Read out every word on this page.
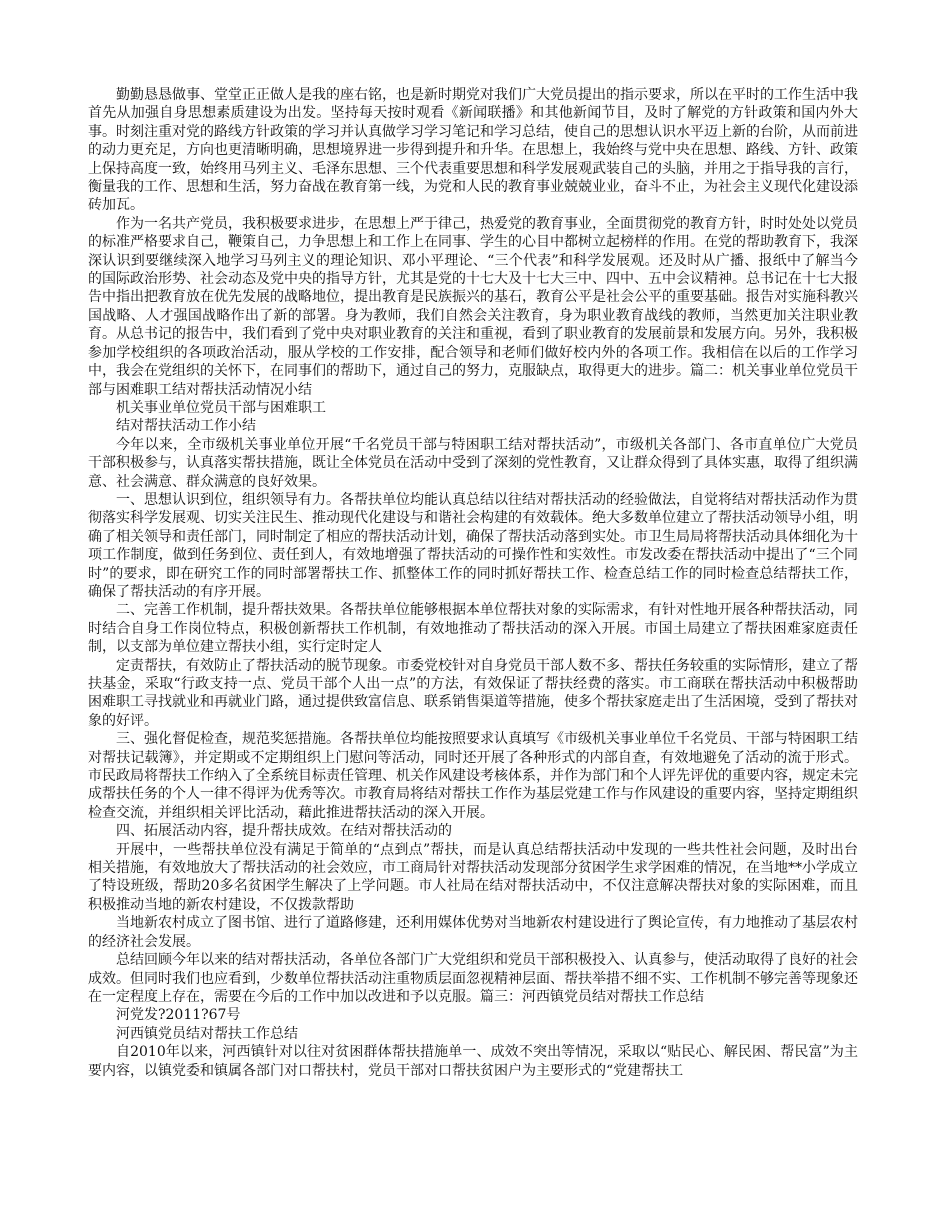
勤勤恳恳做事、堂堂正正做人是我的座右铭，也是新时期党对我们广大党员提出的指示要求，所以在平时的工作生活中我首先从加强自身思想素质建设为出发。坚持每天按时观看《新闻联播》和其他新闻节目，及时了解党的方针政策和国内外大事。时刻注重对党的路线方针政策的学习并认真做学习学习笔记和学习总结，使自己的思想认识水平迈上新的台阶，从而前进的动力更充足，方向也更清晰明确，思想境界进一步得到提升和升华。在思想上，我始终与党中央在思想、路线、方针、政策上保持高度一致，始终用马列主义、毛泽东思想、三个代表重要思想和科学发展观武装自己的头脑，并用之于指导我的言行，衡量我的工作、思想和生活，努力奋战在教育第一线，为党和人民的教育事业兢兢业业，奋斗不止，为社会主义现代化建设添砖加瓦。

作为一名共产党员，我积极要求进步，在思想上严于律己，热爱党的教育事业，全面贯彻党的教育方针，时时处处以党员的标准严格要求自己，鞭策自己，力争思想上和工作上在同事、学生的心目中都树立起榜样的作用。在党的帮助教育下，我深深认识到要继续深入地学习马列主义的理论知识、邓小平理论、“三个代表”和科学发展观。还及时从广播、报纸中了解当今的国际政治形势、社会动态及党中央的指导方针，尤其是党的十七大及十七大三中、四中、五中会议精神。总书记在十七大报告中指出把教育放在优先发展的战略地位，提出教育是民族振兴的基石，教育公平是社会公平的重要基础。报告对实施科教兴国战略、人才强国战略作出了新的部署。身为教师，我们自然会关注教育，身为职业教育战线的教师，当然更加关注职业教育。从总书记的报告中，我们看到了党中央对职业教育的关注和重视，看到了职业教育的发展前景和发展方向。另外，我积极参加学校组织的各项政治活动，服从学校的工作安排，配合领导和老师们做好校内外的各项工作。我相信在以后的工作学习中，我会在党组织的关怀下，在同事们的帮助下，通过自己的努力，克服缺点，取得更大的进步。篇二：机关事业单位党员干部与困难职工结对帮扶活动情况小结

机关事业单位党员干部与困难职工

结对帮扶活动工作小结

今年以来，全市级机关事业单位开展“千名党员干部与特困职工结对帮扶活动”，市级机关各部门、各市直单位广大党员干部积极参与，认真落实帮扶措施，既让全体党员在活动中受到了深刻的党性教育，又让群众得到了具体实惠，取得了组织满意、社会满意、群众满意的良好效果。

一、思想认识到位，组织领导有力。各帮扶单位均能认真总结以往结对帮扶活动的经验做法，自觉将结对帮扶活动作为贯彻落实科学发展观、切实关注民生、推动现代化建设与和谐社会构建的有效载体。绝大多数单位建立了帮扶活动领导小组，明确了相关领导和责任部门，同时制定了相应的帮扶活动计划，确保了帮扶活动落到实处。市卫生局局将帮扶活动具体细化为十项工作制度，做到任务到位、责任到人，有效地增强了帮扶活动的可操作性和实效性。市发改委在帮扶活动中提出了“三个同时”的要求，即在研究工作的同时部署帮扶工作、抓整体工作的同时抓好帮扶工作、检查总结工作的同时检查总结帮扶工作，确保了帮扶活动的有序开展。

二、完善工作机制，提升帮扶效果。各帮扶单位能够根据本单位帮扶对象的实际需求，有针对性地开展各种帮扶活动，同时结合自身工作岗位特点，积极创新帮扶工作机制，有效地推动了帮扶活动的深入开展。市国土局建立了帮扶困难家庭责任制，以支部为单位建立帮扶小组，实行定时定人

定责帮扶，有效防止了帮扶活动的脱节现象。市委党校针对自身党员干部人数不多、帮扶任务较重的实际情形，建立了帮扶基金，采取“行政支持一点、党员干部个人出一点”的方法，有效保证了帮扶经费的落实。市工商联在帮扶活动中积极帮助困难职工寻找就业和再就业门路，通过提供致富信息、联系销售渠道等措施，使多个帮扶家庭走出了生活困境，受到了帮扶对象的好评。

三、强化督促检查，规范奖惩措施。各帮扶单位均能按照要求认真填写《市级机关事业单位千名党员、干部与特困职工结对帮扶记载簿》，并定期或不定期组织上门慰问等活动，同时还开展了各种形式的内部自查，有效地避免了活动的流于形式。市民政局将帮扶工作纳入了全系统目标责任管理、机关作风建设考核体系，并作为部门和个人评先评优的重要内容，规定未完成帮扶任务的个人一律不得评为优秀等次。市教育局将结对帮扶工作作为基层党建工作与作风建设的重要内容，坚持定期组织检查交流，并组织相关评比活动，藉此推进帮扶活动的深入开展。

四、拓展活动内容，提升帮扶成效。在结对帮扶活动的

开展中，一些帮扶单位没有满足于简单的“点到点”帮扶，而是认真总结帮扶活动中发现的一些共性社会问题，及时出台相关措施，有效地放大了帮扶活动的社会效应，市工商局针对帮扶活动发现部分贫困学生求学困难的情况，在当地**小学成立了特设班级，帮助20多名贫困学生解决了上学问题。市人社局在结对帮扶活动中，不仅注意解决帮扶对象的实际困难，而且积极推动当地的新农村建设，不仅拨款帮助

当地新农村成立了图书馆、进行了道路修建，还利用媒体优势对当地新农村建设进行了舆论宣传，有力地推动了基层农村的经济社会发展。

总结回顾今年以来的结对帮扶活动，各单位各部门广大党组织和党员干部积极投入、认真参与，使活动取得了良好的社会成效。但同时我们也应看到，少数单位帮扶活动注重物质层面忽视精神层面、帮扶举措不细不实、工作机制不够完善等现象还在一定程度上存在，需要在今后的工作中加以改进和予以克服。篇三：河西镇党员结对帮扶工作总结

河党发?2011?67号

河西镇党员结对帮扶工作总结

自2010年以来，河西镇针对以往对贫困群体帮扶措施单一、成效不突出等情况，采取以“贴民心、解民困、帮民富”为主要内容，以镇党委和镇属各部门对口帮扶村，党员干部对口帮扶贫困户为主要形式的“党建帮扶工
